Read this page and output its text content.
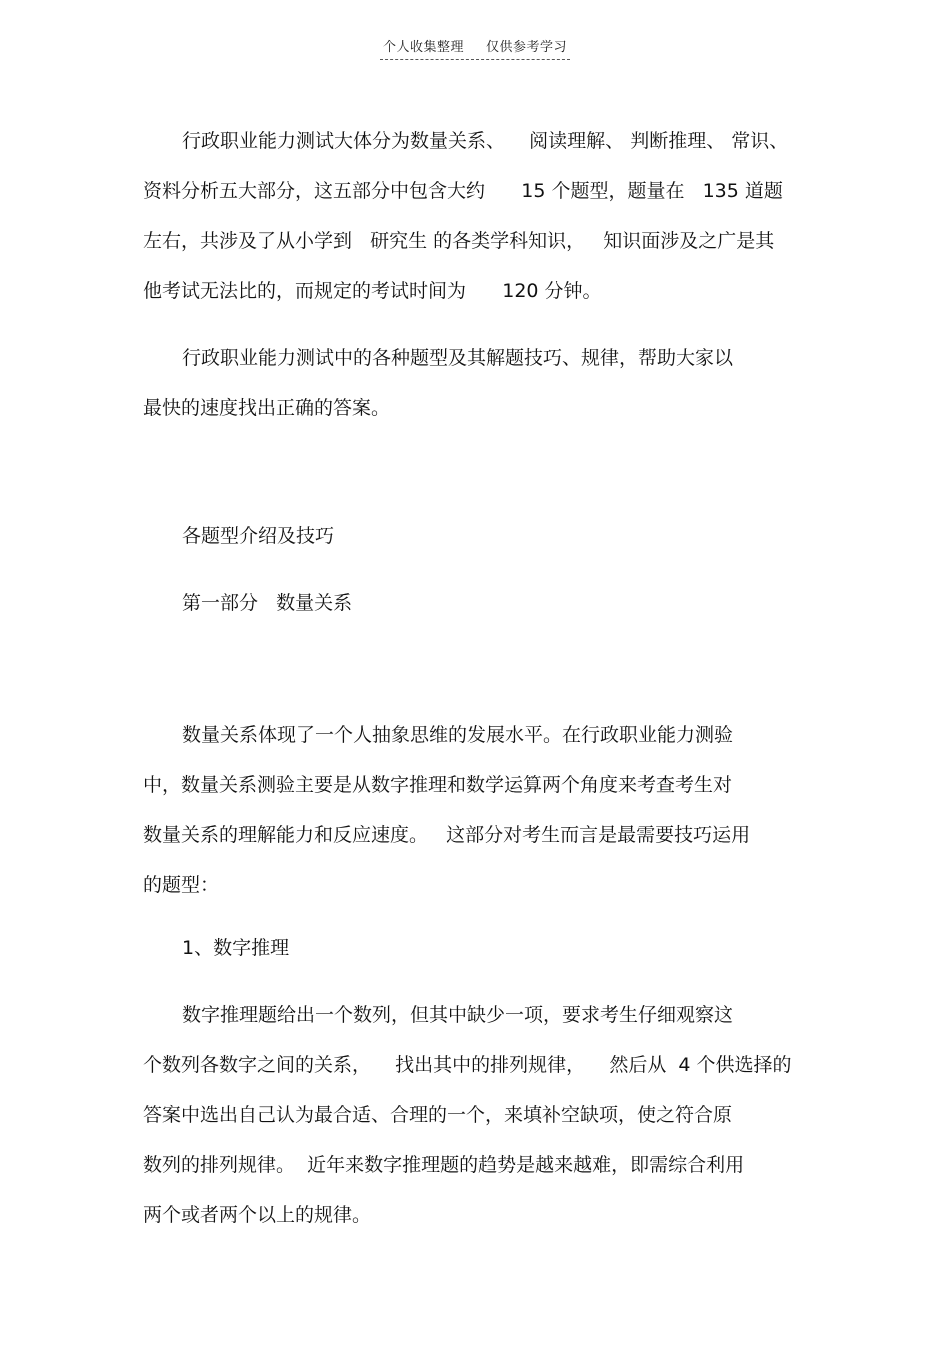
个人收集整理 仅供参考学习
行政职业能力测试大体分为数量关系、    阅读理解、 判断推理、 常识、
资料分析五大部分，这五部分中包含大约      15 个题型，题量在   135 道题
左右，共涉及了从小学到   研究生 的各类学科知识，   知识面涉及之广是其
他考试无法比的，而规定的考试时间为      120 分钟。
行政职业能力测试中的各种题型及其解题技巧、规律，帮助大家以
最快的速度找出正确的答案。
各题型介绍及技巧
第一部分   数量关系
数量关系体现了一个人抽象思维的发展水平。在行政职业能力测验
中，数量关系测验主要是从数字推理和数学运算两个角度来考查考生对
数量关系的理解能力和反应速度。   这部分对考生而言是最需要技巧运用
的题型：
1、数字推理
数字推理题给出一个数列，但其中缺少一项，要求考生仔细观察这
个数列各数字之间的关系，    找出其中的排列规律，    然后从  4 个供选择的
答案中选出自己认为最合适、合理的一个，来填补空缺项，使之符合原
数列的排列规律。  近年来数字推理题的趋势是越来越难，即需综合利用
两个或者两个以上的规律。
